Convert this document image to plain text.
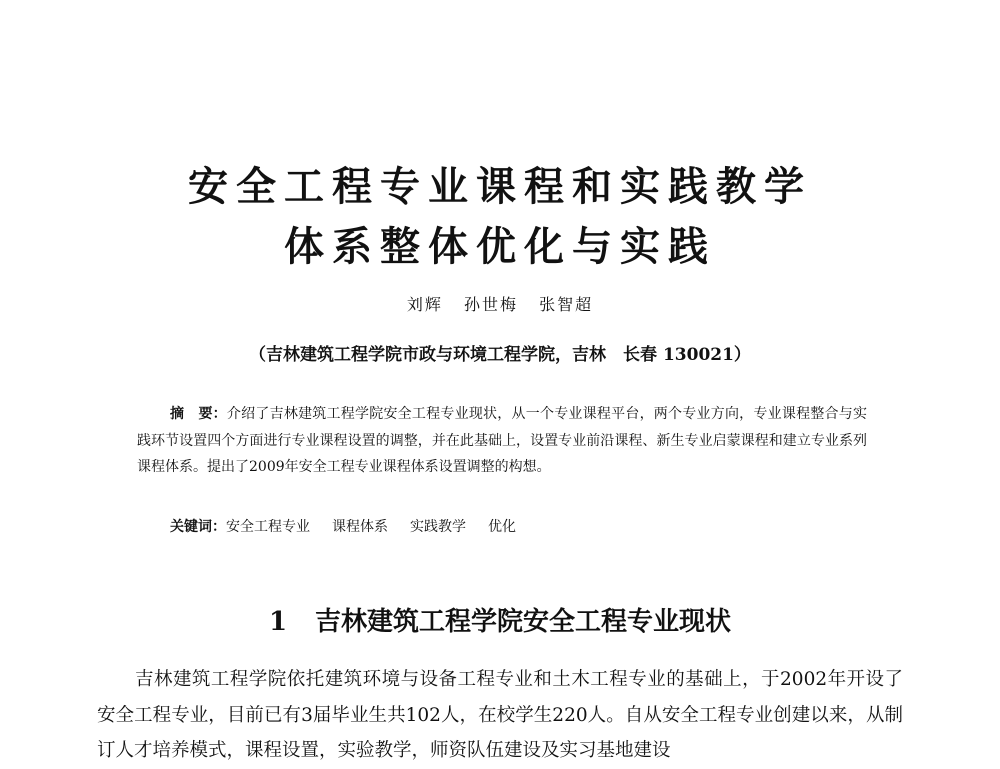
安全工程专业课程和实践教学
体系整体优化与实践
刘辉 孙世梅 张智超
（吉林建筑工程学院市政与环境工程学院，吉林　长春 130021）

摘　要：介绍了吉林建筑工程学院安全工程专业现状，从一个专业课程平台，两个专业方向，专业课程整合与实践环节设置四个方面进行专业课程设置的调整，并在此基础上，设置专业前沿课程、新生专业启蒙课程和建立专业系列课程体系。提出了2009年安全工程专业课程体系设置调整的构想。

关键词：安全工程专业 课程体系 实践教学 优化
1 吉林建筑工程学院安全工程专业现状

吉林建筑工程学院依托建筑环境与设备工程专业和土木工程专业的基础上，于2002年开设了安全工程专业，目前已有3届毕业生共102人，在校学生220人。自从安全工程专业创建以来，从制订人才培养模式，课程设置，实验教学，师资队伍建设及实习基地建设
